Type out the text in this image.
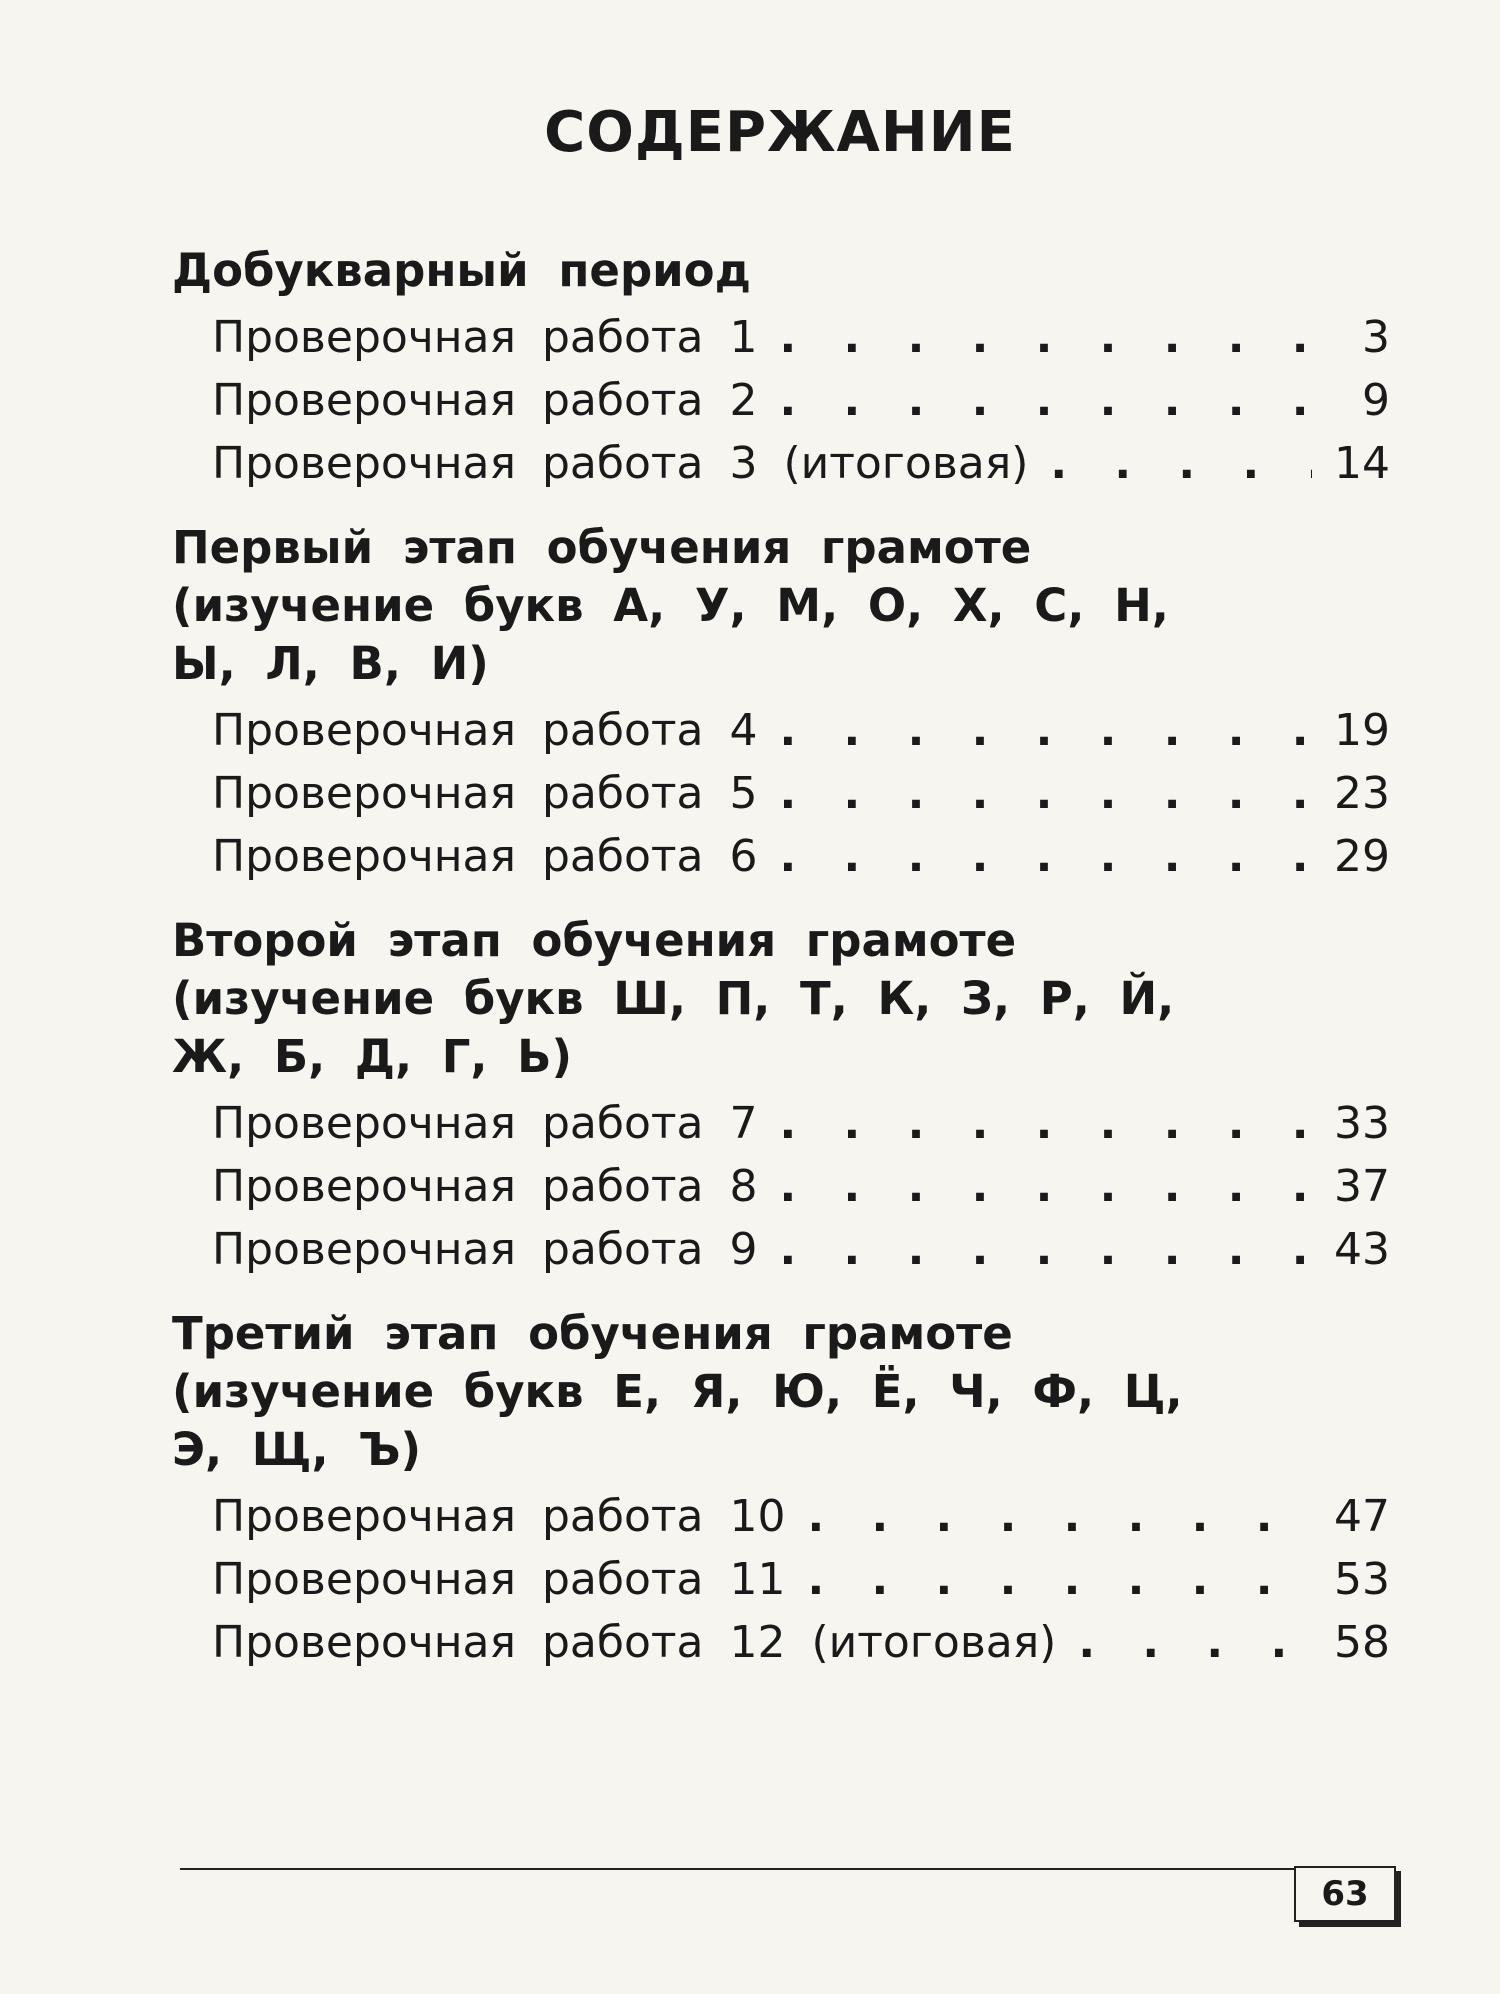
СОДЕРЖАНИЕ
Добукварный период
Проверочная работа 1 . . .	3
Проверочная работа 2 . . .	9
Проверочная работа 3 (итоговая) . . .	14
Первый этап обучения грамоте
(изучение букв А, У, М, О, Х, С, Н,
Ы, Л, В, И)
Проверочная работа 4 . . .	19
Проверочная работа 5 . . .	23
Проверочная работа 6 . . .	29
Второй этап обучения грамоте
(изучение букв Ш, П, Т, К, З, Р, Й,
Ж, Б, Д, Г, Ь)
Проверочная работа 7 . . .	33
Проверочная работа 8 . . .	37
Проверочная работа 9 . . .	43
Третий этап обучения грамоте
(изучение букв Е, Я, Ю, Ё, Ч, Ф, Ц,
Э, Щ, Ъ)
Проверочная работа 10 . . .	47
Проверочная работа 11 . . .	53
Проверочная работа 12 (итоговая) . . .	58
63
